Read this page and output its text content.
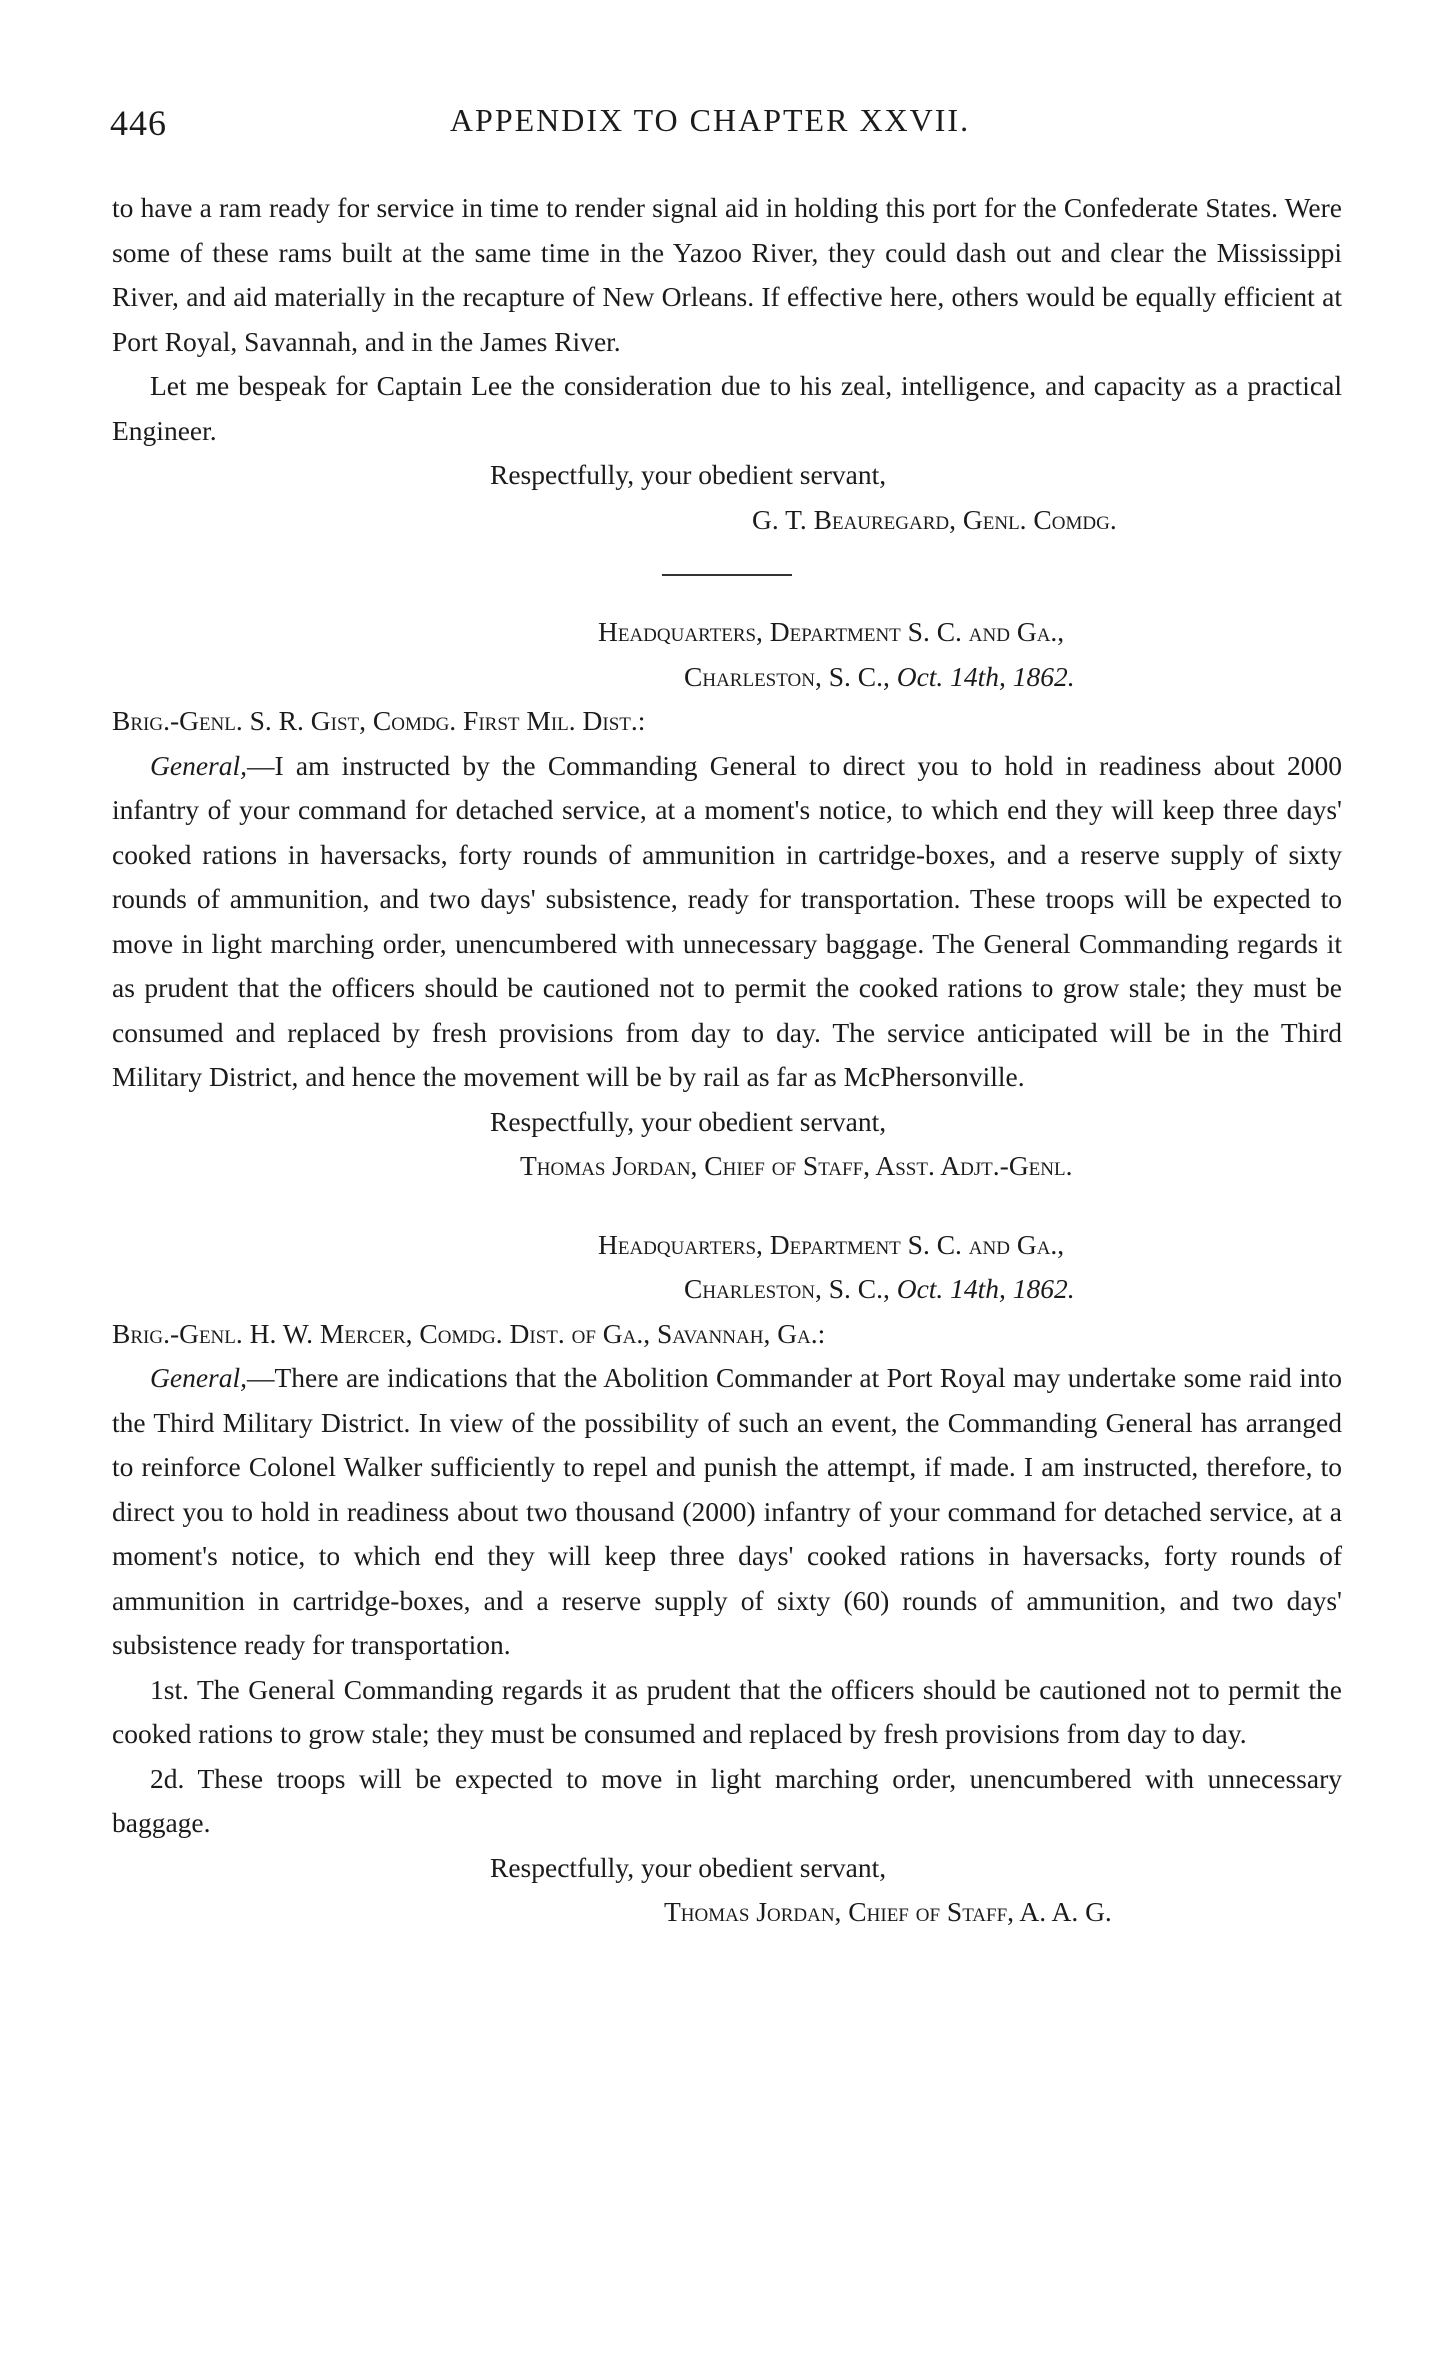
446	APPENDIX TO CHAPTER XXVII.

to have a ram ready for service in time to render signal aid in holding this port for the Confederate States. Were some of these rams built at the same time in the Yazoo River, they could dash out and clear the Mississippi River, and aid materially in the recapture of New Orleans. If effective here, others would be equally efficient at Port Royal, Savannah, and in the James River.

Let me bespeak for Captain Lee the consideration due to his zeal, intelligence, and capacity as a practical Engineer.

Respectfully, your obedient servant,

G. T. Beauregard, Genl. Comdg.

Headquarters, Department S. C. and Ga.,

Charleston, S. C., Oct. 14th, 1862.

Brig.-Genl. S. R. Gist, Comdg. First Mil. Dist.:

General,—I am instructed by the Commanding General to direct you to hold in readiness about 2000 infantry of your command for detached service, at a moment's notice, to which end they will keep three days' cooked rations in haversacks, forty rounds of ammunition in cartridge-boxes, and a reserve supply of sixty rounds of ammunition, and two days' subsistence, ready for transportation. These troops will be expected to move in light marching order, unencumbered with unnecessary baggage. The General Commanding regards it as prudent that the officers should be cautioned not to permit the cooked rations to grow stale; they must be consumed and replaced by fresh provisions from day to day. The service anticipated will be in the Third Military District, and hence the movement will be by rail as far as McPhersonville.

Respectfully, your obedient servant,

Thomas Jordan, Chief of Staff, Asst. Adjt.-Genl.

Headquarters, Department S. C. and Ga.,

Charleston, S. C., Oct. 14th, 1862.

Brig.-Genl. H. W. Mercer, Comdg. Dist. of Ga., Savannah, Ga.:

General,—There are indications that the Abolition Commander at Port Royal may undertake some raid into the Third Military District. In view of the possibility of such an event, the Commanding General has arranged to reinforce Colonel Walker sufficiently to repel and punish the attempt, if made. I am instructed, therefore, to direct you to hold in readiness about two thousand (2000) infantry of your command for detached service, at a moment's notice, to which end they will keep three days' cooked rations in haversacks, forty rounds of ammunition in cartridge-boxes, and a reserve supply of sixty (60) rounds of ammunition, and two days' subsistence ready for transportation.

1st. The General Commanding regards it as prudent that the officers should be cautioned not to permit the cooked rations to grow stale; they must be consumed and replaced by fresh provisions from day to day.

2d. These troops will be expected to move in light marching order, unencumbered with unnecessary baggage.

Respectfully, your obedient servant,

Thomas Jordan, Chief of Staff, A. A. G.
